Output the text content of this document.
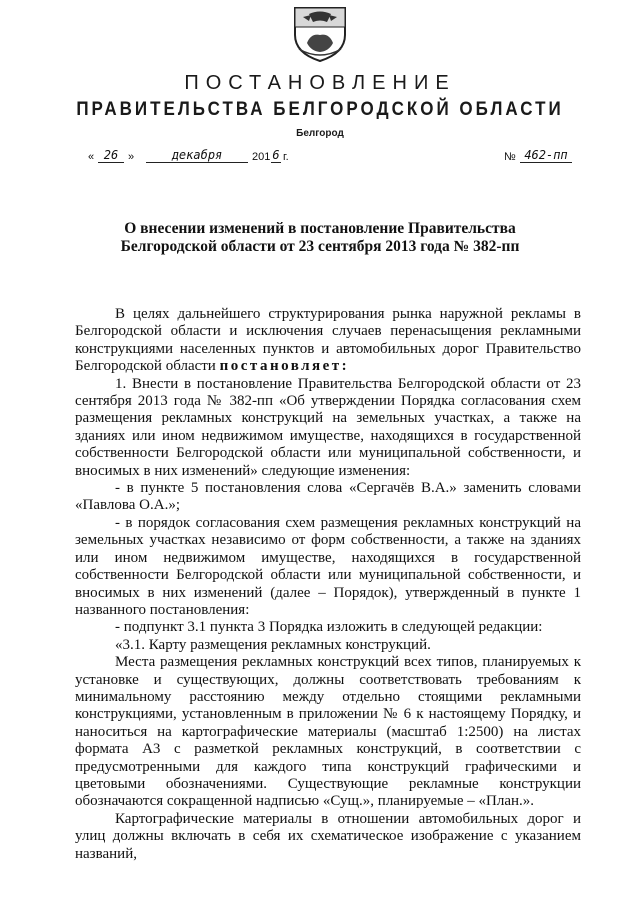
ПОСТАНОВЛЕНИЕ
ПРАВИТЕЛЬСТВА БЕЛГОРОДСКОЙ ОБЛАСТИ
Белгород
« 26 »	декабря	201 6 г.	№ 462-пп
О внесении изменений в постановление Правительства
Белгородской области от 23 сентября 2013 года № 382-пп

В целях дальнейшего структурирования рынка наружной рекламы в Белгородской области и исключения случаев перенасыщения рекламными конструкциями населенных пунктов и автомобильных дорог Правительство Белгородской области постановляет:

1. Внести в постановление Правительства Белгородской области от 23 сентября 2013 года № 382-пп «Об утверждении Порядка согласования схем размещения рекламных конструкций на земельных участках, а также на зданиях или ином недвижимом имуществе, находящихся в государственной собственности Белгородской области или муниципальной собственности, и вносимых в них изменений» следующие изменения:

- в пункте 5 постановления слова «Сергачёв В.А.» заменить словами «Павлова О.А.»;

- в порядок согласования схем размещения рекламных конструкций на земельных участках независимо от форм собственности, а также на зданиях или ином недвижимом имуществе, находящихся в государственной собственности Белгородской области или муниципальной собственности, и вносимых в них изменений (далее – Порядок), утвержденный в пункте 1 названного постановления:

- подпункт 3.1 пункта 3 Порядка изложить в следующей редакции:

«3.1. Карту размещения рекламных конструкций.

Места размещения рекламных конструкций всех типов, планируемых к установке и существующих, должны соответствовать требованиям к минимальному расстоянию между отдельно стоящими рекламными конструкциями, установленным в приложении № 6 к настоящему Порядку, и наноситься на картографические материалы (масштаб 1:2500) на листах формата А3 с разметкой рекламных конструкций, в соответствии с предусмотренными для каждого типа конструкций графическими и цветовыми обозначениями. Существующие рекламные конструкции обозначаются сокращенной надписью «Сущ.», планируемые – «План.».

Картографические материалы в отношении автомобильных дорог и улиц должны включать в себя их схематическое изображение с указанием названий,
